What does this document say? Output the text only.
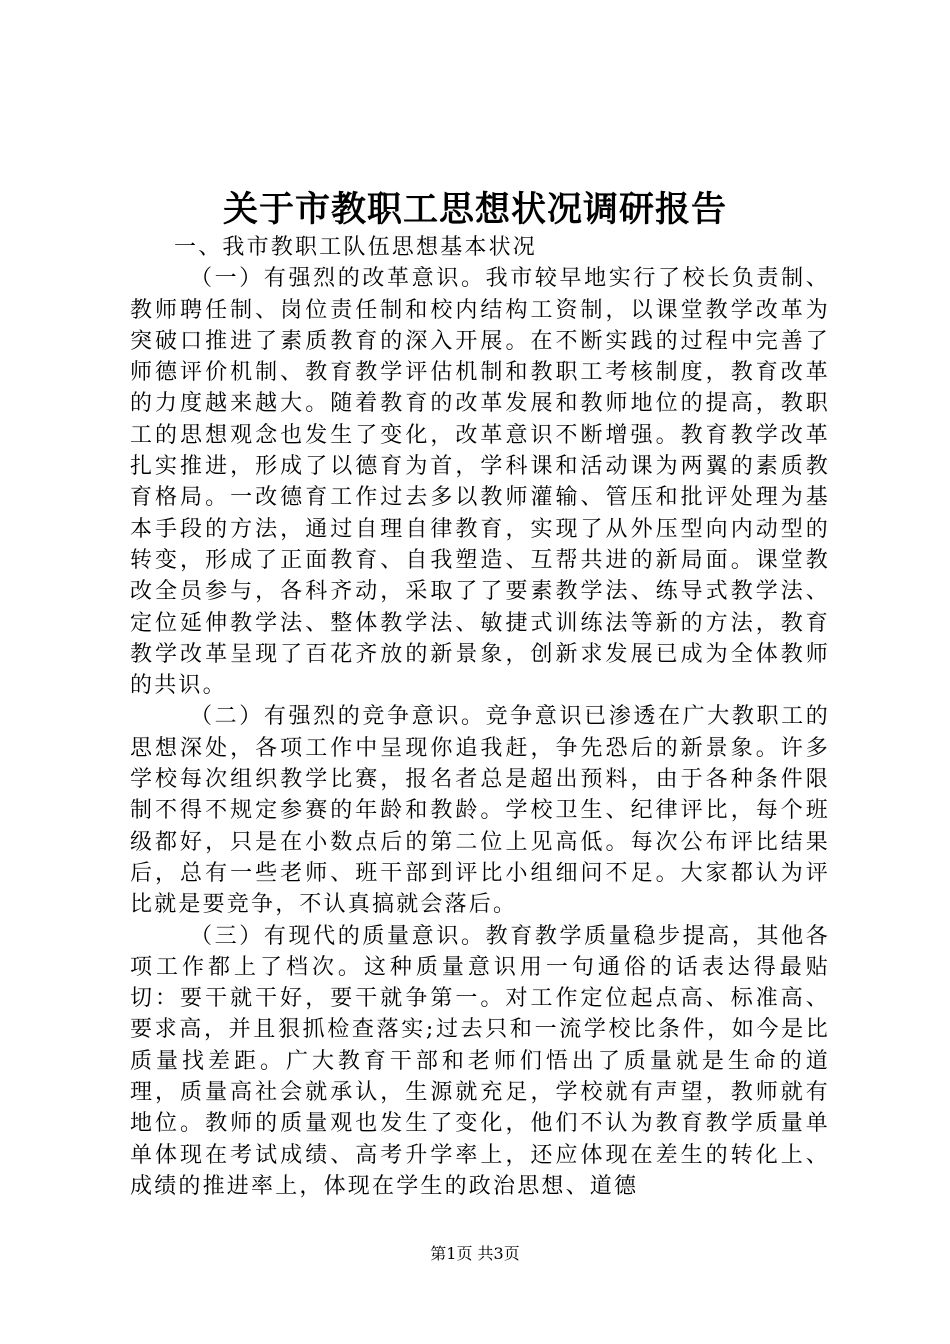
关于市教职工思想状况调研报告

一、我市教职工队伍思想基本状况

（一）有强烈的改革意识。我市较早地实行了校长负责制、教师聘任制、岗位责任制和校内结构工资制，以课堂教学改革为突破口推进了素质教育的深入开展。在不断实践的过程中完善了师德评价机制、教育教学评估机制和教职工考核制度，教育改革的力度越来越大。随着教育的改革发展和教师地位的提高，教职工的思想观念也发生了变化，改革意识不断增强。教育教学改革扎实推进，形成了以德育为首，学科课和活动课为两翼的素质教育格局。一改德育工作过去多以教师灌输、管压和批评处理为基本手段的方法，通过自理自律教育，实现了从外压型向内动型的转变，形成了正面教育、自我塑造、互帮共进的新局面。课堂教改全员参与，各科齐动，采取了了要素教学法、练导式教学法、定位延伸教学法、整体教学法、敏捷式训练法等新的方法，教育教学改革呈现了百花齐放的新景象，创新求发展已成为全体教师的共识。

（二）有强烈的竞争意识。竞争意识已渗透在广大教职工的思想深处，各项工作中呈现你追我赶，争先恐后的新景象。许多学校每次组织教学比赛，报名者总是超出预料，由于各种条件限制不得不规定参赛的年龄和教龄。学校卫生、纪律评比，每个班级都好，只是在小数点后的第二位上见高低。每次公布评比结果后，总有一些老师、班干部到评比小组细问不足。大家都认为评比就是要竞争，不认真搞就会落后。

（三）有现代的质量意识。教育教学质量稳步提高，其他各项工作都上了档次。这种质量意识用一句通俗的话表达得最贴切：要干就干好，要干就争第一。对工作定位起点高、标准高、要求高，并且狠抓检查落实;过去只和一流学校比条件，如今是比质量找差距。广大教育干部和老师们悟出了质量就是生命的道理，质量高社会就承认，生源就充足，学校就有声望，教师就有地位。教师的质量观也发生了变化，他们不认为教育教学质量单单体现在考试成绩、高考升学率上，还应体现在差生的转化上、成绩的推进率上，体现在学生的政治思想、道德

第1页 共3页
